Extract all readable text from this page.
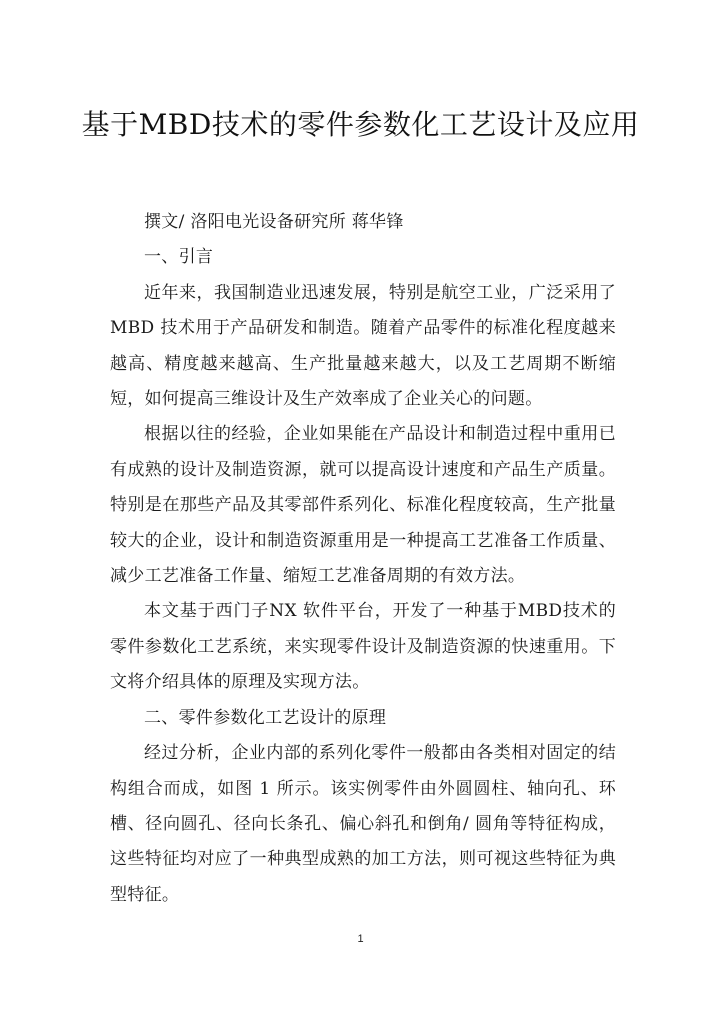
基于MBD技术的零件参数化工艺设计及应用

撰文/ 洛阳电光设备研究所 蒋华锋

一、引言

近年来，我国制造业迅速发展，特别是航空工业，广泛采用了MBD 技术用于产品研发和制造。随着产品零件的标准化程度越来越高、精度越来越高、生产批量越来越大，以及工艺周期不断缩短，如何提高三维设计及生产效率成了企业关心的问题。

根据以往的经验，企业如果能在产品设计和制造过程中重用已有成熟的设计及制造资源，就可以提高设计速度和产品生产质量。特别是在那些产品及其零部件系列化、标准化程度较高，生产批量较大的企业，设计和制造资源重用是一种提高工艺准备工作质量、减少工艺准备工作量、缩短工艺准备周期的有效方法。

本文基于西门子NX 软件平台，开发了一种基于MBD技术的零件参数化工艺系统，来实现零件设计及制造资源的快速重用。下文将介绍具体的原理及实现方法。

二、零件参数化工艺设计的原理

经过分析，企业内部的系列化零件一般都由各类相对固定的结构组合而成，如图 1 所示。该实例零件由外圆圆柱、轴向孔、环槽、径向圆孔、径向长条孔、偏心斜孔和倒角/ 圆角等特征构成，这些特征均对应了一种典型成熟的加工方法，则可视这些特征为典型特征。

1
